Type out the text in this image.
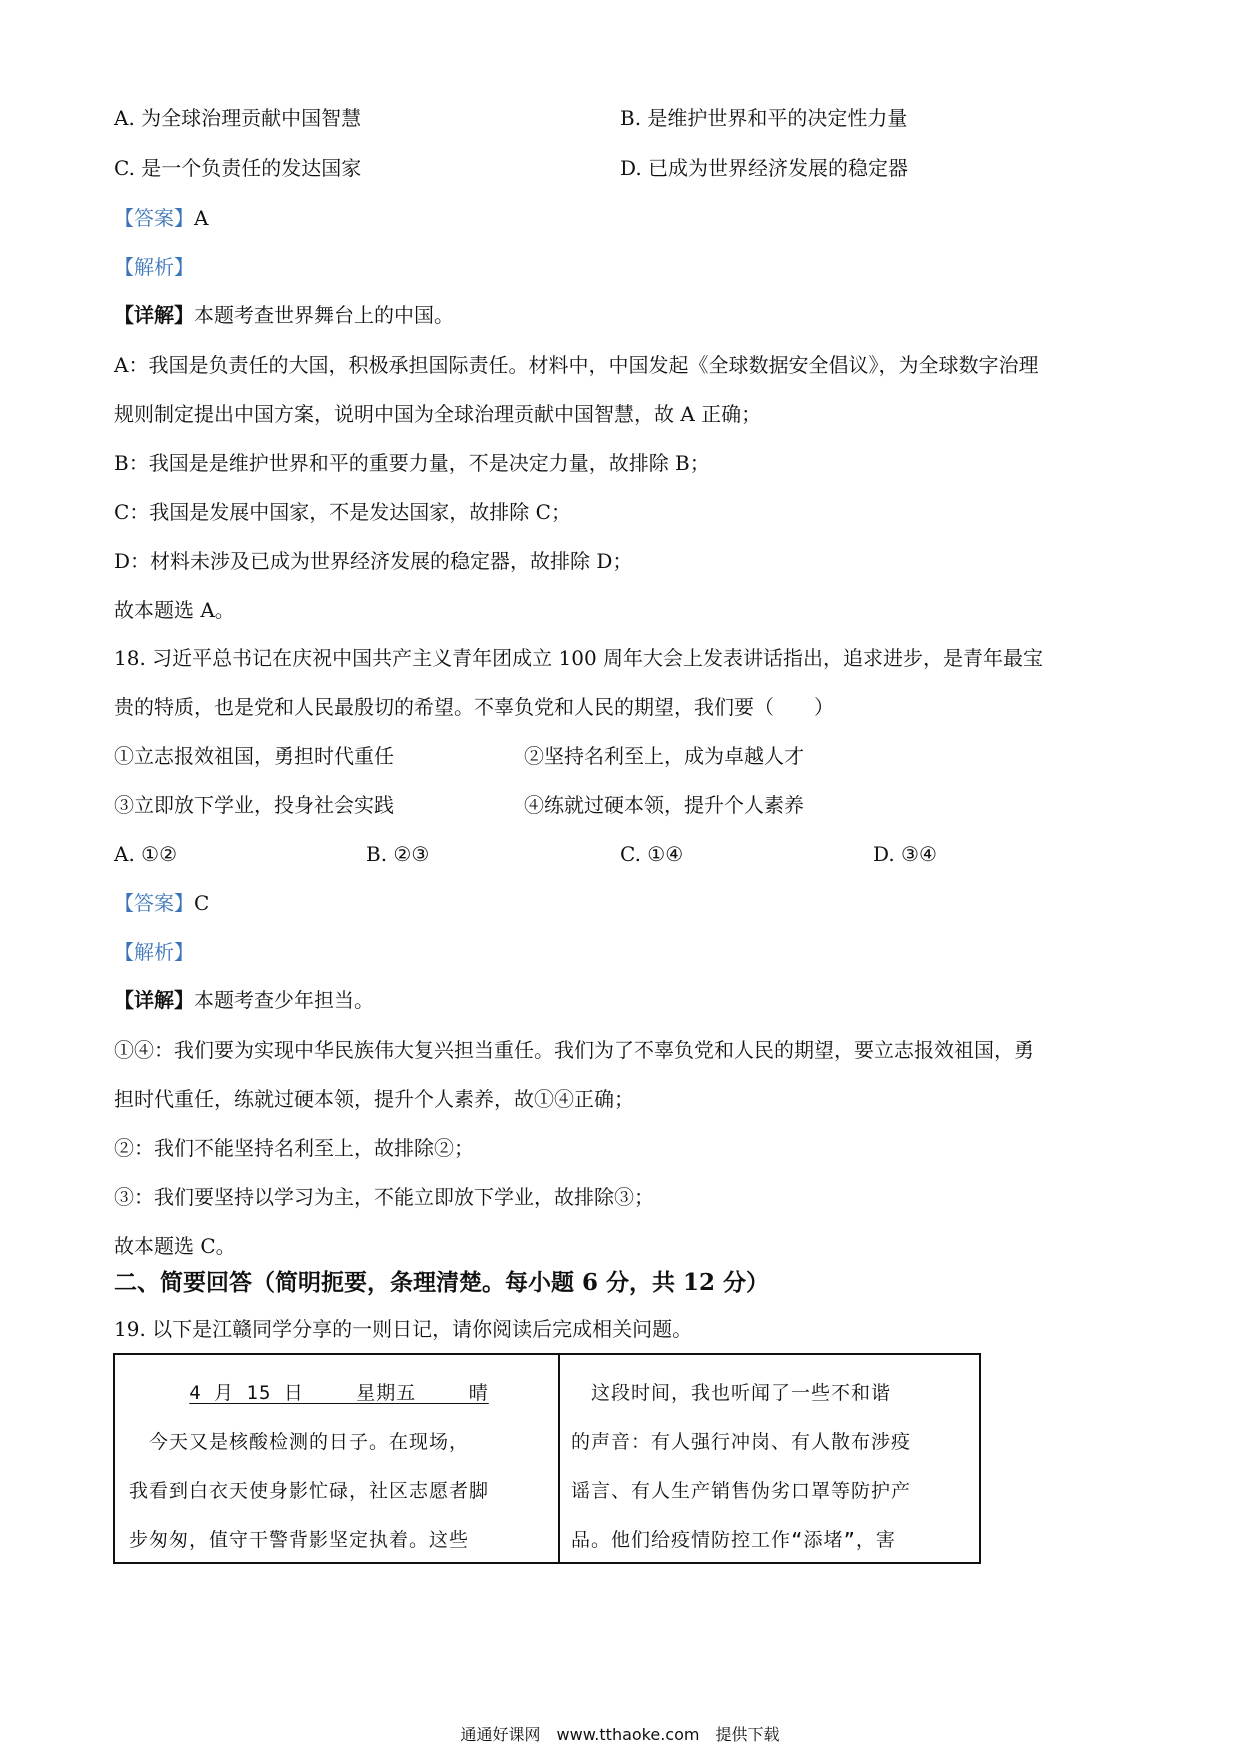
A. 为全球治理贡献中国智慧	B. 是维护世界和平的决定性力量
C. 是一个负责任的发达国家	D. 已成为世界经济发展的稳定器
【答案】A
【解析】
【详解】本题考查世界舞台上的中国。
A：我国是负责任的大国，积极承担国际责任。材料中，中国发起《全球数据安全倡议》，为全球数字治理
规则制定提出中国方案，说明中国为全球治理贡献中国智慧，故 A 正确；
B：我国是是维护世界和平的重要力量，不是决定力量，故排除 B；
C：我国是发展中国家，不是发达国家，故排除 C；
D：材料未涉及已成为世界经济发展的稳定器，故排除 D；
故本题选 A。
18. 习近平总书记在庆祝中国共产主义青年团成立 100 周年大会上发表讲话指出，追求进步，是青年最宝
贵的特质，也是党和人民最殷切的希望。不辜负党和人民的期望，我们要（　　）
①立志报效祖国，勇担时代重任	②坚持名利至上，成为卓越人才
③立即放下学业，投身社会实践	④练就过硬本领，提升个人素养
A. ①②	B. ②③	C. ①④	D. ③④
【答案】C
【解析】
【详解】本题考查少年担当。
①④：我们要为实现中华民族伟大复兴担当重任。我们为了不辜负党和人民的期望，要立志报效祖国，勇
担时代重任，练就过硬本领，提升个人素养，故①④正确；
②：我们不能坚持名利至上，故排除②；
③：我们要坚持以学习为主，不能立即放下学业，故排除③；
故本题选 C。
二、简要回答（简明扼要，条理清楚。每小题 6 分，共 12 分）
19. 以下是江赣同学分享的一则日记，请你阅读后完成相关问题。
4 月 15 日　　 星期五　　 晴
　今天又是核酸检测的日子。在现场，
我看到白衣天使身影忙碌，社区志愿者脚
步匆匆，值守干警背影坚定执着。这些
　这段时间，我也听闻了一些不和谐
的声音：有人强行冲岗、有人散布涉疫
谣言、有人生产销售伪劣口罩等防护产
品。他们给疫情防控工作“添堵”，害
通通好课网　www.tthaoke.com　提供下载
